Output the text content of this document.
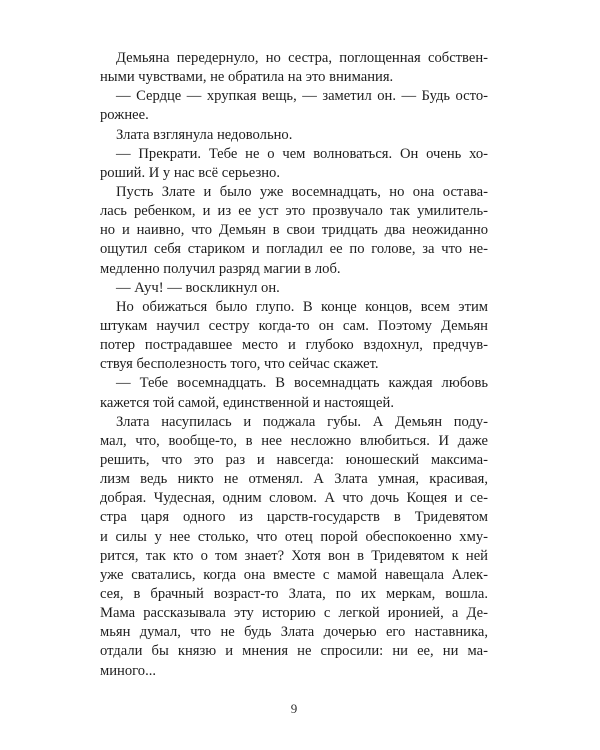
Демьяна передернуло, но сестра, поглощенная собствен-
ными чувствами, не обратила на это внимания.
— Сердце — хрупкая вещь, — заметил он. — Будь осто-
рожнее.
Злата взглянула недовольно.
— Прекрати. Тебе не о чем волноваться. Он очень хо-
роший. И у нас всё серьезно.
Пусть Злате и было уже восемнадцать, но она остава-
лась ребенком, и из ее уст это прозвучало так умилитель-
но и наивно, что Демьян в свои тридцать два неожиданно
ощутил себя стариком и погладил ее по голове, за что не-
медленно получил разряд магии в лоб.
— Ауч! — воскликнул он.
Но обижаться было глупо. В конце концов, всем этим
штукам научил сестру когда-то он сам. Поэтому Демьян
потер пострадавшее место и глубоко вздохнул, предчув-
ствуя бесполезность того, что сейчас скажет.
— Тебе восемнадцать. В восемнадцать каждая любовь
кажется той самой, единственной и настоящей.
Злата насупилась и поджала губы. А Демьян поду-
мал, что, вообще-то, в нее несложно влюбиться. И даже
решить, что это раз и навсегда: юношеский максима-
лизм ведь никто не отменял. А Злата умная, красивая,
добрая. Чудесная, одним словом. А что дочь Кощея и се-
стра царя одного из царств-государств в Тридевятом
и силы у нее столько, что отец порой обеспокоенно хму-
рится, так кто о том знает? Хотя вон в Тридевятом к ней
уже сватались, когда она вместе с мамой навещала Алек-
сея, в брачный возраст-то Злата, по их меркам, вошла.
Мама рассказывала эту историю с легкой иронией, а Де-
мьян думал, что не будь Злата дочерью его наставника,
отдали бы князю и мнения не спросили: ни ее, ни ма-
миного...
9
